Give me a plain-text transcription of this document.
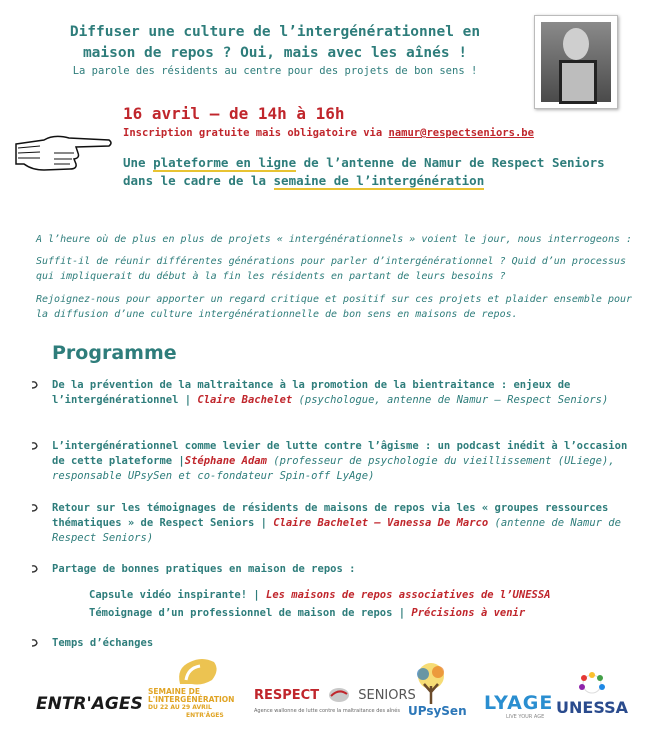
Diffuser une culture de l’intergénérationnel en
maison de repos ? Oui, mais avec les aînés !
La parole des résidents au centre pour des projets de bon sens !
16 avril – de 14h à 16h
Inscription gratuite mais obligatoire via namur@respectseniors.be
Une plateforme en ligne de l’antenne de Namur de Respect Seniors dans le cadre de la semaine de l’intergénération
A l’heure où de plus en plus de projets « intergénérationnels » voient le jour, nous interrogeons :
Suffit-il de réunir différentes générations pour parler d’intergénérationnel ? Quid d’un processus qui impliquerait du début à la fin les résidents en partant de leurs besoins ?
Rejoignez-nous pour apporter un regard critique et positif sur ces projets et plaider ensemble pour la diffusion d’une culture intergénérationnelle de bon sens en maisons de repos.
Programme
De la prévention de la maltraitance à la promotion de la bientraitance : enjeux de l’intergénérationnel | Claire Bachelet (psychologue, antenne de Namur – Respect Seniors)
L’intergénérationnel comme levier de lutte contre l’âgisme : un podcast inédit à l’occasion de cette plateforme |Stéphane Adam (professeur de psychologie du vieillissement (ULiege), responsable UPsySen et co-fondateur Spin-off LyAge)
Retour sur les témoignages de résidents de maisons de repos via les « groupes ressources thématiques » de Respect Seniors | Claire Bachelet – Vanessa De Marco (antenne de Namur de Respect Seniors)
Partage de bonnes pratiques en maison de repos :
Capsule vidéo inspirante! | Les maisons de repos associatives de l’UNESSA
Témoignage d’un professionnel de maison de repos | Précisions à venir
Temps d’échanges
ENTR'AGES
SEMAINE DE
L'INTERGÉNÉRATION
DU 22 AU 29 AVRIL
ENTR'ÂGES
RESPECT	SENIORS
Agence wallonne de lutte contre la maltraitance des aînés UPsySen LYAGE
LIVE YOUR AGE UNESSA
